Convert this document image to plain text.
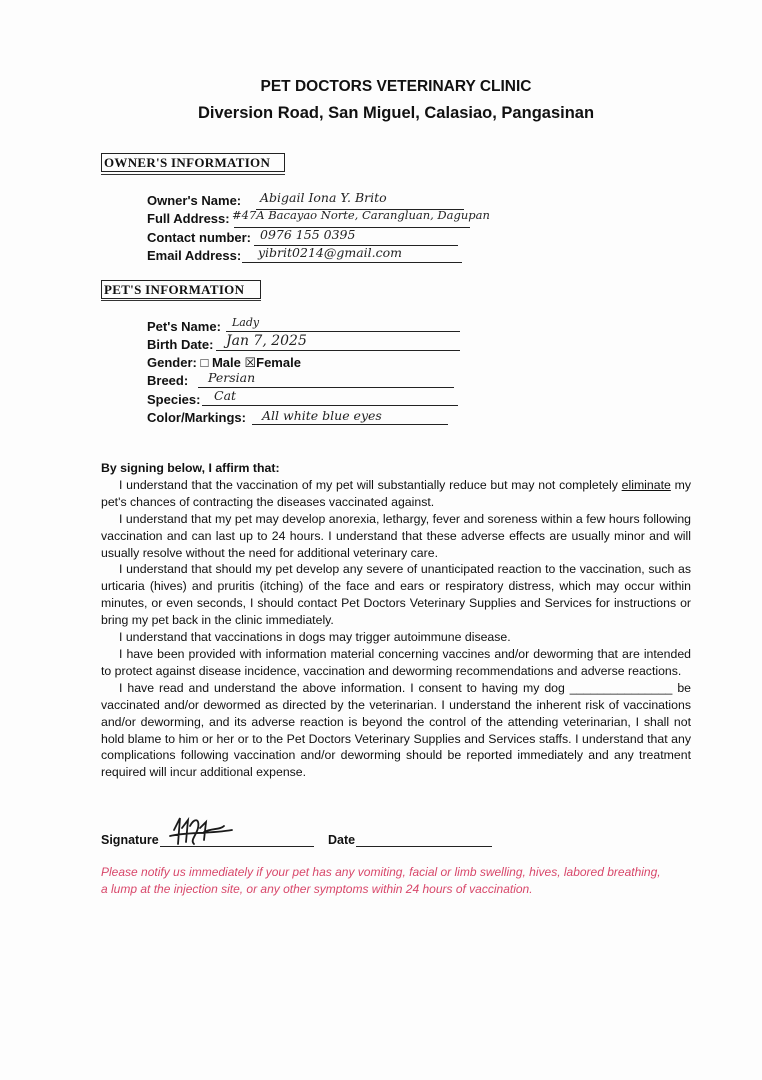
PET DOCTORS VETERINARY CLINIC
Diversion Road, San Miguel, Calasiao, Pangasinan
OWNER'S INFORMATION
Owner's Name: Abigail Iona Y. Brito
Full Address: #47A Bacayao Norte, Carangluan, Dagupan
Contact number: 0976 155 0395
Email Address: yibrit0214@gmail.com
PET'S INFORMATION
Pet's Name: Lady
Birth Date: Jan 7, 2025
Gender: □ Male ☒Female
Breed: Persian
Species: Cat
Color/Markings: All white blue eyes

By signing below, I affirm that:

I understand that the vaccination of my pet will substantially reduce but may not completely eliminate my pet's chances of contracting the diseases vaccinated against.

I understand that my pet may develop anorexia, lethargy, fever and soreness within a few hours following vaccination and can last up to 24 hours. I understand that these adverse effects are usually minor and will usually resolve without the need for additional veterinary care.

I understand that should my pet develop any severe of unanticipated reaction to the vaccination, such as urticaria (hives) and pruritis (itching) of the face and ears or respiratory distress, which may occur within minutes, or even seconds, I should contact Pet Doctors Veterinary Supplies and Services for instructions or bring my pet back in the clinic immediately.

I understand that vaccinations in dogs may trigger autoimmune disease.

I have been provided with information material concerning vaccines and/or deworming that are intended to protect against disease incidence, vaccination and deworming recommendations and adverse reactions.

I have read and understand the above information. I consent to having my dog _______________ be vaccinated and/or dewormed as directed by the veterinarian. I understand the inherent risk of vaccinations and/or deworming, and its adverse reaction is beyond the control of the attending veterinarian, I shall not hold blame to him or her or to the Pet Doctors Veterinary Supplies and Services staffs. I understand that any complications following vaccination and/or deworming should be reported immediately and any treatment required will incur additional expense.

Signature	Date
Please notify us immediately if your pet has any vomiting, facial or limb swelling, hives, labored breathing, a lump at the injection site, or any other symptoms within 24 hours of vaccination.
